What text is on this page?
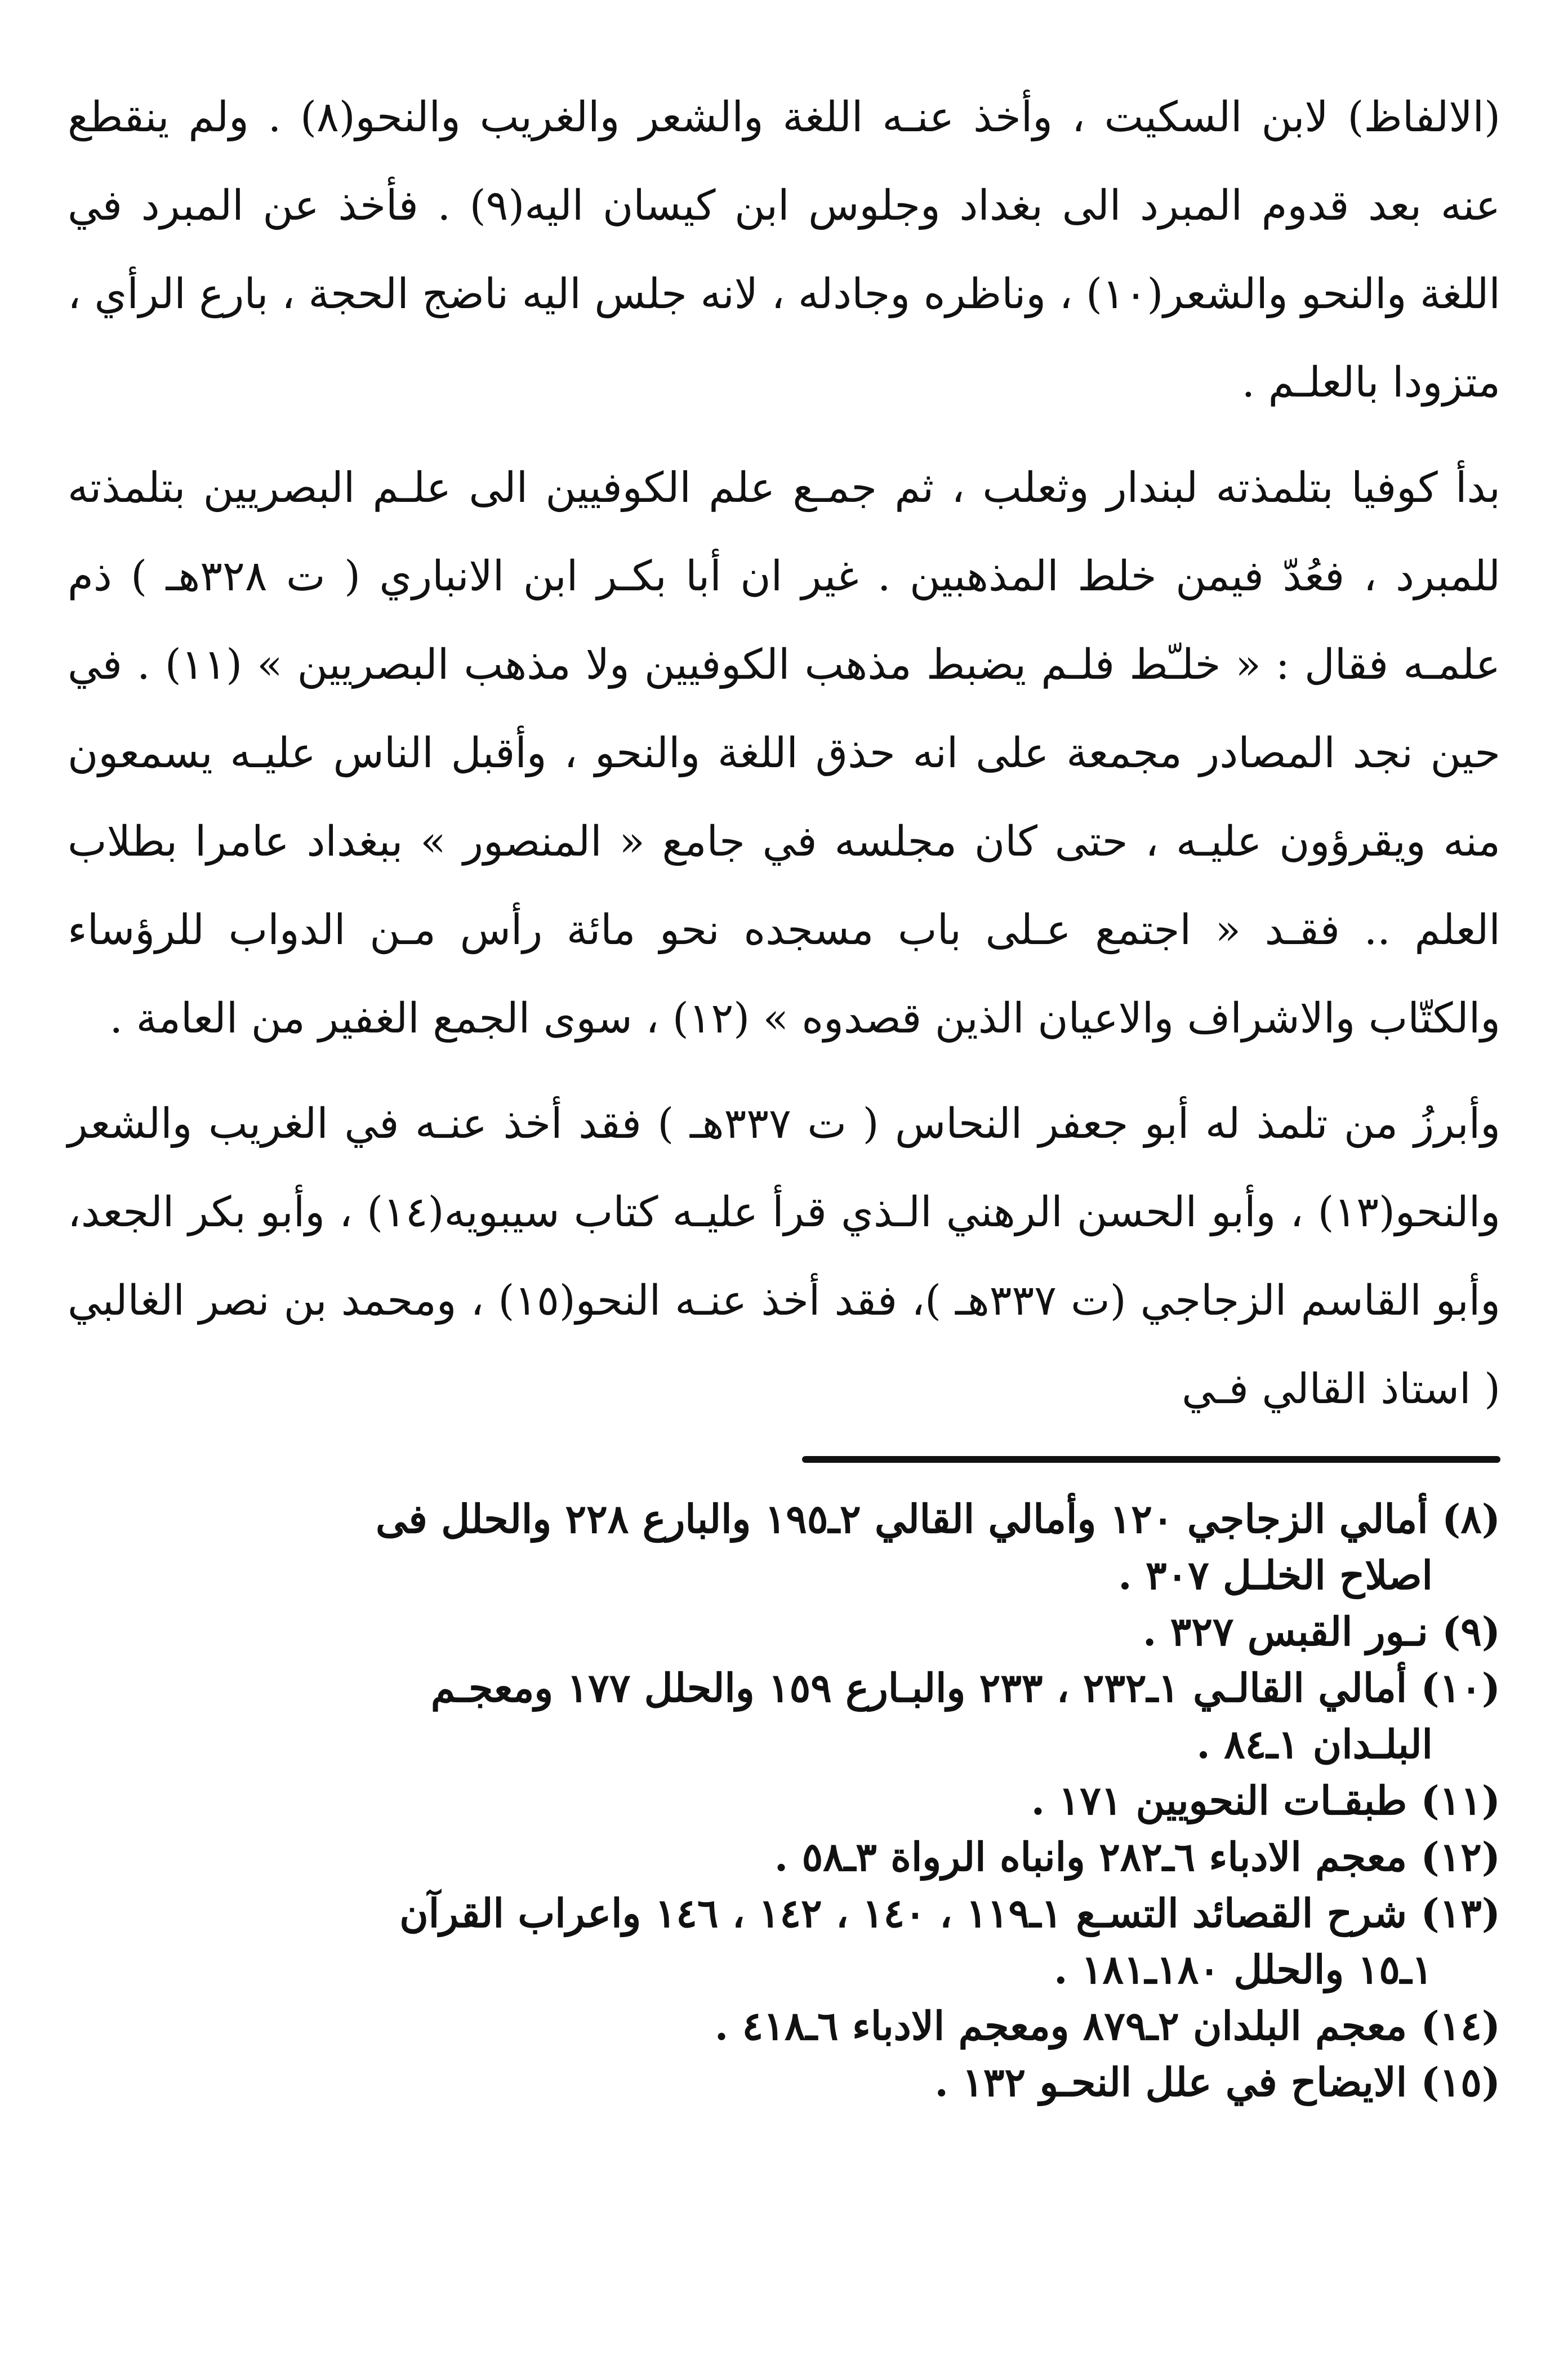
(الالفاظ) لابن السكيت ، وأخذ عنـه اللغة والشعر والغريب والنحو(٨) . ولم ينقطع عنه بعد قدوم المبرد الى بغداد وجلوس ابن كيسان اليه(٩) . فأخذ عن المبرد في اللغة والنحو والشعر(١٠) ، وناظره وجادله ، لانه جلس اليه ناضج الحجة ، بارع الرأي ، متزودا بالعلـم .

بدأ كوفيا بتلمذته لبندار وثعلب ، ثم جمـع علم الكوفيين الى علـم البصريين بتلمذته للمبرد ، فعُدّ فيمن خلط المذهبين . غير ان أبا بكـر ابن الانباري ( ت ٣٢٨هـ ) ذم علمـه فقال : « خلـّط فلـم يضبط مذهب الكوفيين ولا مذهب البصريين » (١١) . في حين نجد المصادر مجمعة على انه حذق اللغة والنحو ، وأقبل الناس عليـه يسمعون منه ويقرؤون عليـه ، حتى كان مجلسه في جامع « المنصور » ببغداد عامرا بطلاب العلم .. فقـد « اجتمع عـلى باب مسجده نحو مائة رأس مـن الدواب للرؤساء والكتّاب والاشراف والاعيان الذين قصدوه » (١٢) ، سوى الجمع الغفير من العامة .

وأبرزُ من تلمذ له أبو جعفر النحاس ( ت ٣٣٧هـ ) فقد أخذ عنـه في الغريب والشعر والنحو(١٣) ، وأبو الحسن الرهني الـذي قرأ عليـه كتاب سيبويه(١٤) ، وأبو بكر الجعد، وأبو القاسم الزجاجي (ت ٣٣٧هـ )، فقد أخذ عنـه النحو(١٥) ، ومحمد بن نصر الغالبي ( استاذ القالي فـي

(٨) أمالي الزجاجي ١٢٠ وأمالي القالي ٢ـ١٩٥ والبارع ٢٢٨ والحلل فى
اصلاح الخلـل ٣٠٧ .
(٩) نـور القبس ٣٢٧ .
(١٠) أمالي القالـي ١ـ٢٣٢ ، ٢٣٣ والبـارع ١٥٩ والحلل ١٧٧ ومعجـم
البلـدان ١ـ٨٤ .
(١١) طبقـات النحويين ١٧١ .
(١٢) معجم الادباء ٦ـ٢٨٢ وانباه الرواة ٣ـ٥٨ .
(١٣) شرح القصائد التسـع ١ـ١١٩ ، ١٤٠ ، ١٤٢ ، ١٤٦ واعراب القرآن
١ـ١٥ والحلل ١٨٠ـ١٨١ .
(١٤) معجم البلدان ٢ـ٨٧٩ ومعجم الادباء ٦ـ٤١٨ .
(١٥) الايضاح في علل النحـو ١٣٢ .
